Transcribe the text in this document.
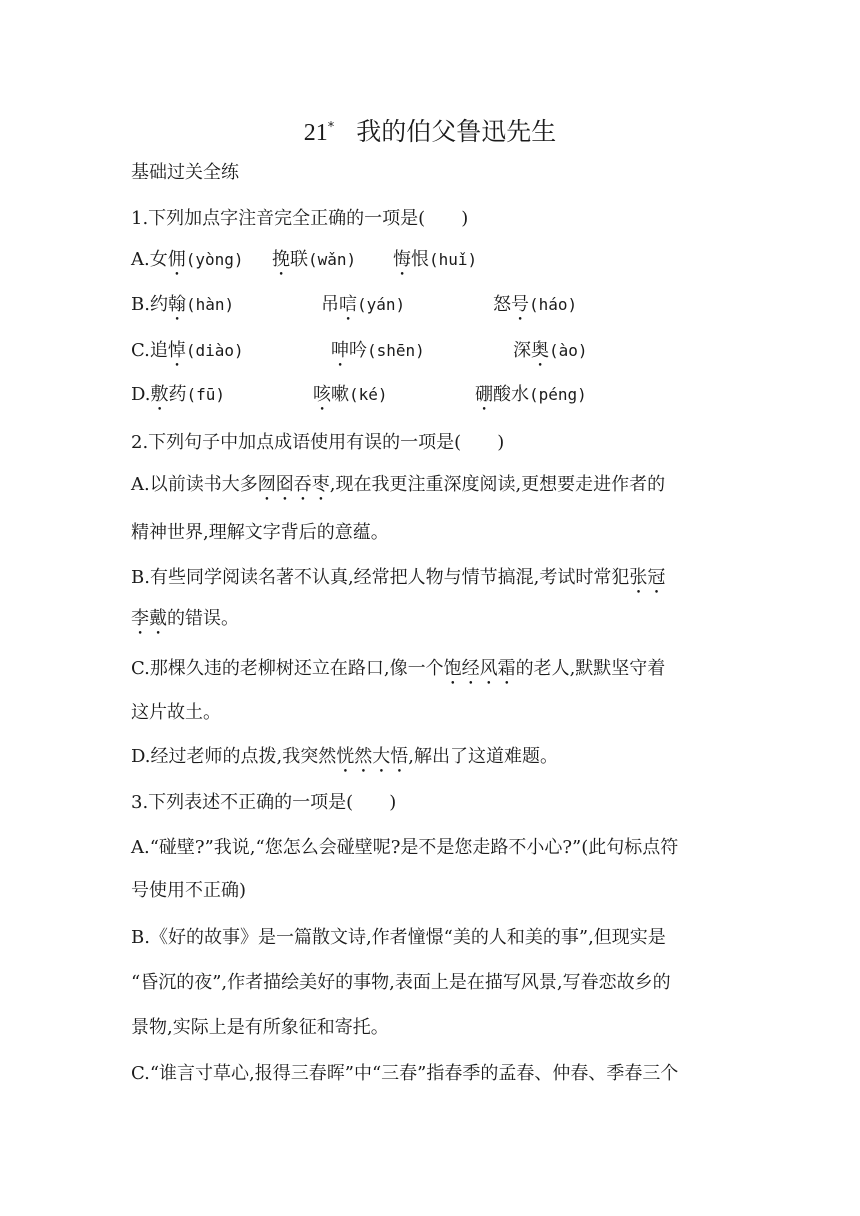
21* 我的伯父鲁迅先生
基础过关全练
1.下列加点字注音完全正确的一项是(　　)
A.女佣(yòng) 挽联(wǎn) 悔恨(huǐ)
B.约翰(hàn)	吊唁(yán)	怒号(háo)
C.追悼(diào)	呻吟(shēn)	深奥(ào)
D.敷药(fū)	咳嗽(ké)	硼酸水(péng)
2.下列句子中加点成语使用有误的一项是(　　)
A.以前读书大多囫囵吞枣,现在我更注重深度阅读,更想要走进作者的
精神世界,理解文字背后的意蕴。
B.有些同学阅读名著不认真,经常把人物与情节搞混,考试时常犯张冠
李戴的错误。
C.那棵久违的老柳树还立在路口,像一个饱经风霜的老人,默默坚守着
这片故土。
D.经过老师的点拨,我突然恍然大悟,解出了这道难题。
3.下列表述不正确的一项是(　　)
A.“碰壁?”我说,“您怎么会碰壁呢?是不是您走路不小心?”(此句标点符
号使用不正确)
B.《好的故事》是一篇散文诗,作者憧憬“美的人和美的事”,但现实是
“昏沉的夜”,作者描绘美好的事物,表面上是在描写风景,写眷恋故乡的
景物,实际上是有所象征和寄托。
C.“谁言寸草心,报得三春晖”中“三春”指春季的孟春、仲春、季春三个
